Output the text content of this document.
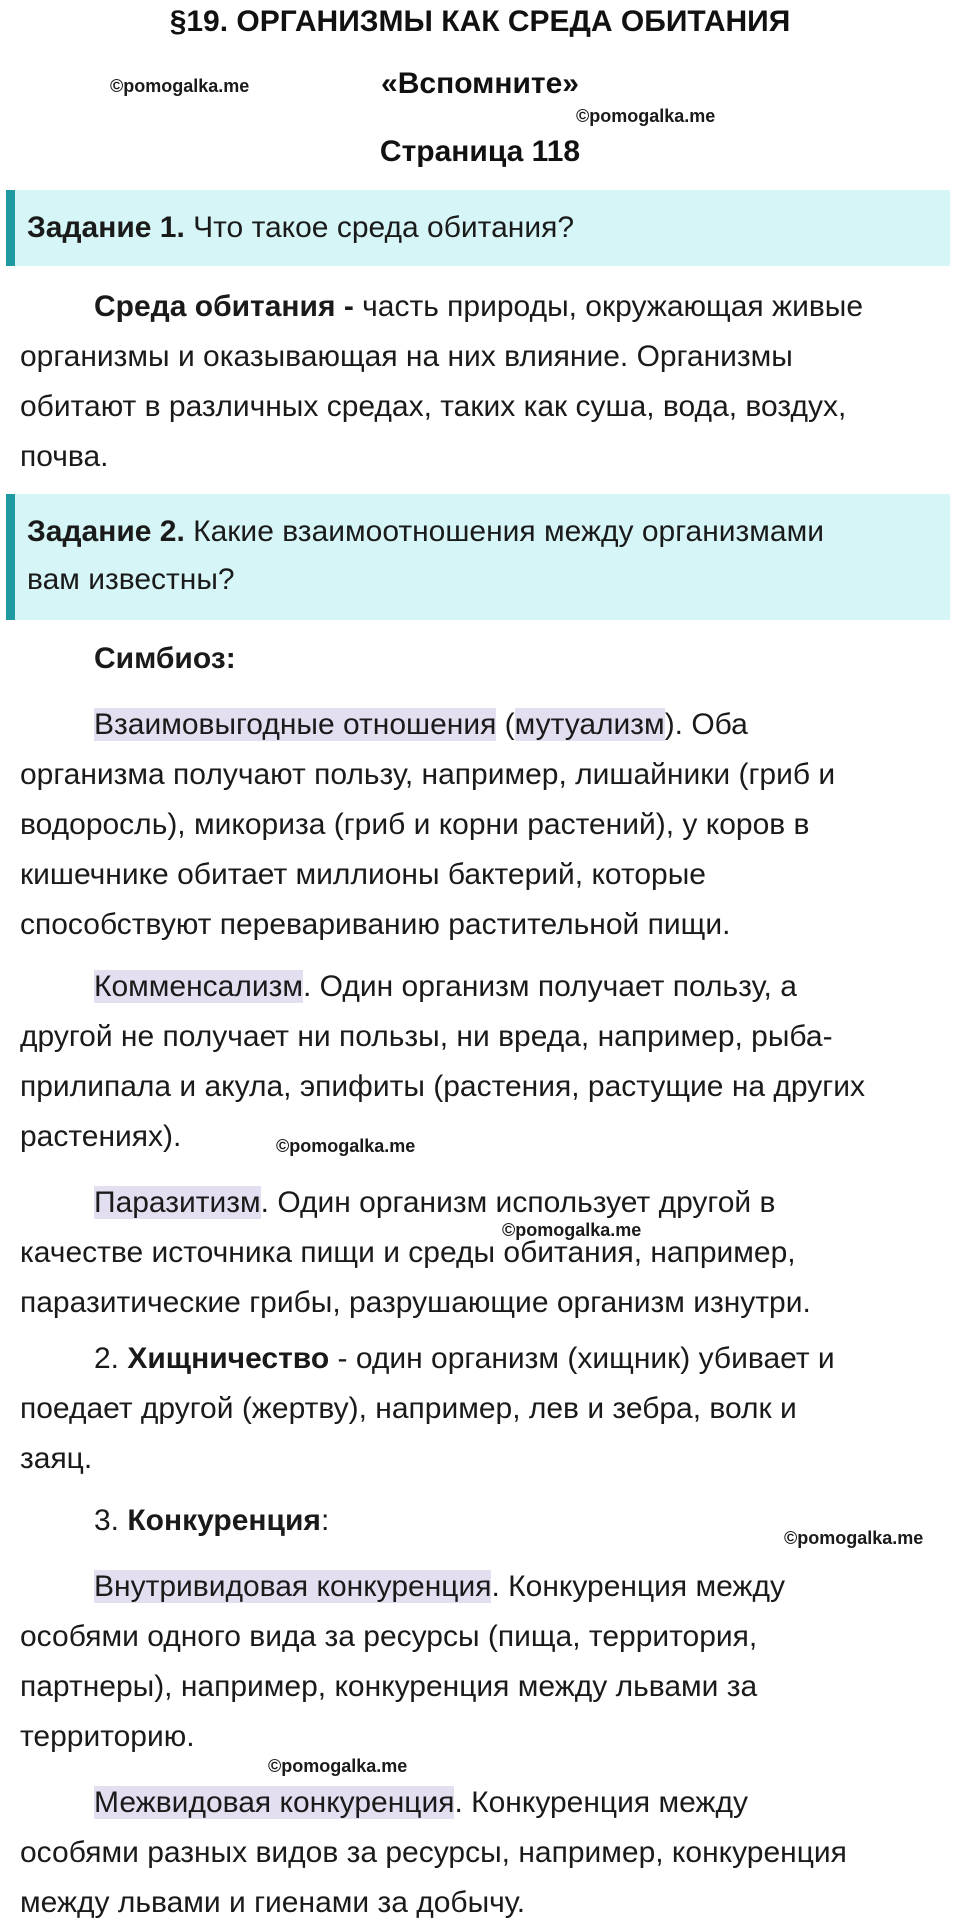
§19. ОРГАНИЗМЫ КАК СРЕДА ОБИТАНИЯ
«Вспомните»
Страница 118
©pomogalka.me
©pomogalka.me
Задание 1. Что такое среда обитания?
Среда обитания - часть природы, окружающая живые
организмы и оказывающая на них влияние. Организмы
обитают в различных средах, таких как суша, вода, воздух,
почва.
Задание 2. Какие взаимоотношения между организмами
вам известны?
Симбиоз:
Взаимовыгодные отношения (мутуализм). Оба
организма получают пользу, например, лишайники (гриб и
водоросль), микориза (гриб и корни растений), у коров в
кишечнике обитает миллионы бактерий, которые
способствуют перевариванию растительной пищи.
Комменсализм. Один организм получает пользу, а
другой не получает ни пользы, ни вреда, например, рыба-
прилипала и акула, эпифиты (растения, растущие на других
растениях).	©pomogalka.me
Паразитизм. Один организм использует другой в
качестве источника пищи и среды обитания, например,
паразитические грибы, разрушающие организм изнутри.
©pomogalka.me
2. Хищничество - один организм (хищник) убивает и
поедает другой (жертву), например, лев и зебра, волк и
заяц.
3. Конкуренция:
©pomogalka.me
Внутривидовая конкуренция. Конкуренция между
особями одного вида за ресурсы (пища, территория,
партнеры), например, конкуренция между львами за
территорию.
©pomogalka.me
Межвидовая конкуренция. Конкуренция между
особями разных видов за ресурсы, например, конкуренция
между львами и гиенами за добычу.
